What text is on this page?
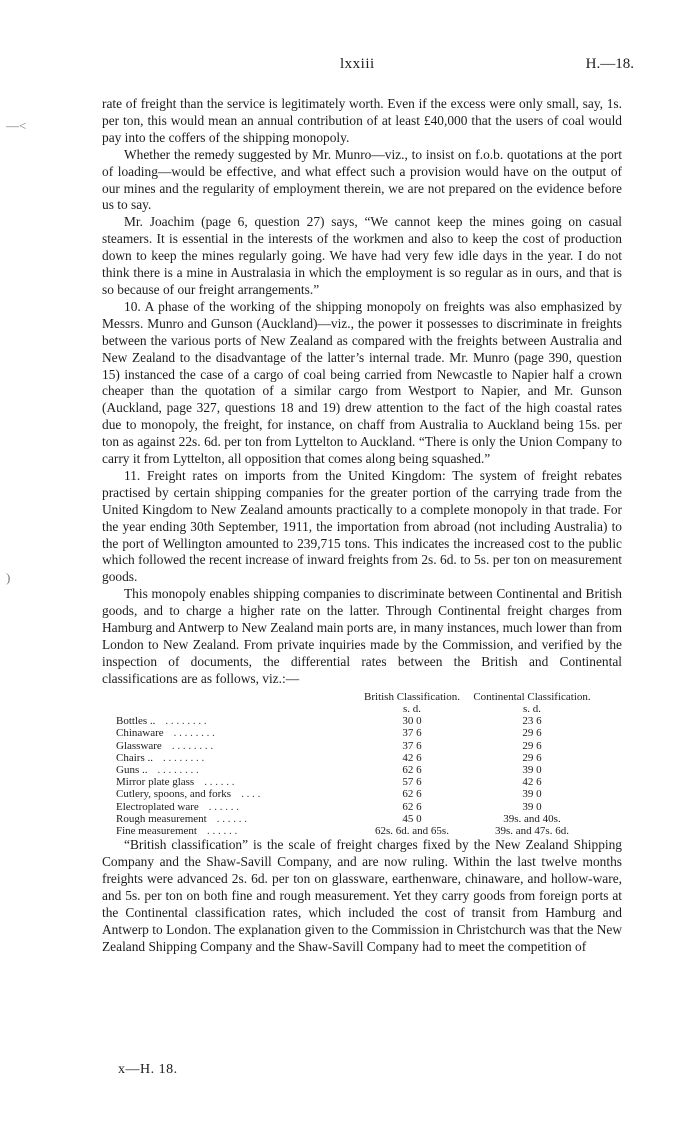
lxxiii	H.—18.

rate of freight than the service is legitimately worth. Even if the excess were only small, say, 1s. per ton, this would mean an annual contribution of at least £40,000 that the users of coal would pay into the coffers of the shipping monopoly.

Whether the remedy suggested by Mr. Munro—viz., to insist on f.o.b. quotations at the port of loading—would be effective, and what effect such a provision would have on the output of our mines and the regularity of employment therein, we are not prepared on the evidence before us to say.

Mr. Joachim (page 6, question 27) says, “We cannot keep the mines going on casual steamers. It is essential in the interests of the workmen and also to keep the cost of production down to keep the mines regularly going. We have had very few idle days in the year. I do not think there is a mine in Australasia in which the employment is so regular as in ours, and that is so because of our freight arrangements.”

10. A phase of the working of the shipping monopoly on freights was also emphasized by Messrs. Munro and Gunson (Auckland)—viz., the power it possesses to discriminate in freights between the various ports of New Zealand as compared with the freights between Australia and New Zealand to the disadvantage of the latter’s internal trade. Mr. Munro (page 390, question 15) instanced the case of a cargo of coal being carried from Newcastle to Napier half a crown cheaper than the quotation of a similar cargo from Westport to Napier, and Mr. Gunson (Auckland, page 327, questions 18 and 19) drew attention to the fact of the high coastal rates due to monopoly, the freight, for instance, on chaff from Australia to Auckland being 15s. per ton as against 22s. 6d. per ton from Lyttelton to Auckland. “There is only the Union Company to carry it from Lyttelton, all opposition that comes along being squashed.”

11. Freight rates on imports from the United Kingdom: The system of freight rebates practised by certain shipping companies for the greater portion of the carrying trade from the United Kingdom to New Zealand amounts practically to a complete monopoly in that trade. For the year ending 30th September, 1911, the importation from abroad (not including Australia) to the port of Wellington amounted to 239,715 tons. This indicates the increased cost to the public which followed the recent increase of inward freights from 2s. 6d. to 5s. per ton on measurement goods.

This monopoly enables shipping companies to discriminate between Continental and British goods, and to charge a higher rate on the latter. Through Continental freight charges from Hamburg and Antwerp to New Zealand main ports are, in many instances, much lower than from London to New Zealand. From private inquiries made by the Commission, and verified by the inspection of documents, the differential rates between the British and Continental classifications are as follows, viz.:—

British Classification.	Continental Classification.
s. d.	s. d.
Bottles .. . . . . . . . .	30 0	23 6
Chinaware . . . . . . . .	37 6	29 6
Glassware . . . . . . . .	37 6	29 6
Chairs .. . . . . . . . .	42 6	29 6
Guns .. . . . . . . . .	62 6	39 0
Mirror plate glass . . . . . .	57 6	42 6
Cutlery, spoons, and forks . . . .	62 6	39 0
Electroplated ware . . . . . .	62 6	39 0
Rough measurement . . . . . .	45 0	39s. and 40s.
Fine measurement . . . . . .	62s. 6d. and 65s.	39s. and 47s. 6d.

“British classification” is the scale of freight charges fixed by the New Zealand Shipping Company and the Shaw-Savill Company, and are now ruling. Within the last twelve months freights were advanced 2s. 6d. per ton on glassware, earthenware, chinaware, and hollow-ware, and 5s. per ton on both fine and rough measurement. Yet they carry goods from foreign ports at the Continental classification rates, which included the cost of transit from Hamburg and Antwerp to London. The explanation given to the Commission in Christchurch was that the New Zealand Shipping Company and the Shaw-Savill Company had to meet the competition of

x—H. 18.
—<
)
